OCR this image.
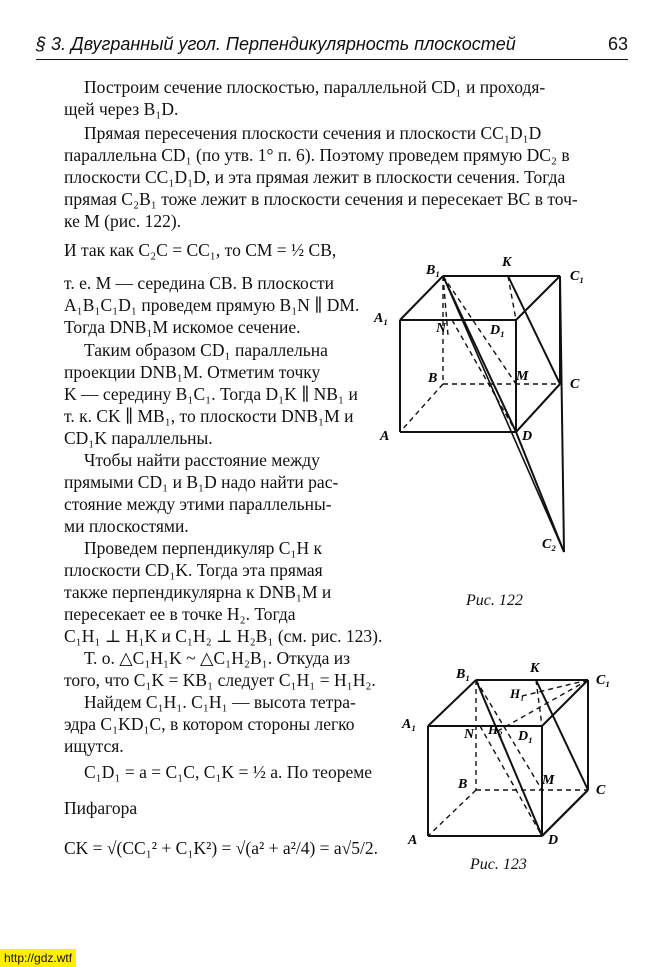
§ 3. Двугранный угол. Перпендикулярность плоскостей	63
Построим сечение плоскостью, параллельной CD₁ и проходя-
щей через B₁D.
Прямая пересечения плоскости сечения и плоскости CC₁D₁D
параллельна CD₁ (по утв. 1° п. 6). Поэтому проведем прямую DC₂ в
плоскости CC₁D₁D, и эта прямая лежит в плоскости сечения. Тогда
прямая C₂B₁ тоже лежит в плоскости сечения и пересекает BC в точ-
ке M (рис. 122).
И так как C₂C = CC₁, то CM = ½ CB,
т. е. M — середина CB. В плоскости
A₁B₁C₁D₁ проведем прямую B₁N ∥ DM.
Тогда DNB₁M искомое сечение.
Таким образом CD₁ параллельна
проекции DNB₁M. Отметим точку
K — середину B₁C₁. Тогда D₁K ∥ NB₁ и
т. к. CK ∥ MB₁, то плоскости DNB₁M и
CD₁K параллельны.
Чтобы найти расстояние между
прямыми CD₁ и B₁D надо найти рас-
стояние между этими параллельны-
ми плоскостями.
Проведем перпендикуляр C₁H к
плоскости CD₁K. Тогда эта прямая
также перпендикулярна к DNB₁M и
пересекает ее в точке H₂. Тогда
C₁H₁ ⊥ H₁K и C₁H₂ ⊥ H₂B₁ (см. рис. 123).
Т. о. △C₁H₁K ~ △C₁H₂B₁. Откуда из
того, что C₁K = KB₁ следует C₁H₁ = H₁H₂.
Найдем C₁H₁. C₁H₁ — высота тетра-
эдра C₁KD₁C, в котором стороны легко
ищутся.
C₁D₁ = a = C₁C, C₁K = ½ a. По теореме
Пифагора
CK = √(CC₁² + C₁K²) = √(a² + a²/4) = a√5/2.
B₁
K
C₁
A₁
N	D₁
B	M
C
A	D
C₂
Рис. 122
B₁	K
C₁
H₁
A₁
N H₂ D₁
B	M
C
A	D
Рис. 123
http://gdz.wtf
